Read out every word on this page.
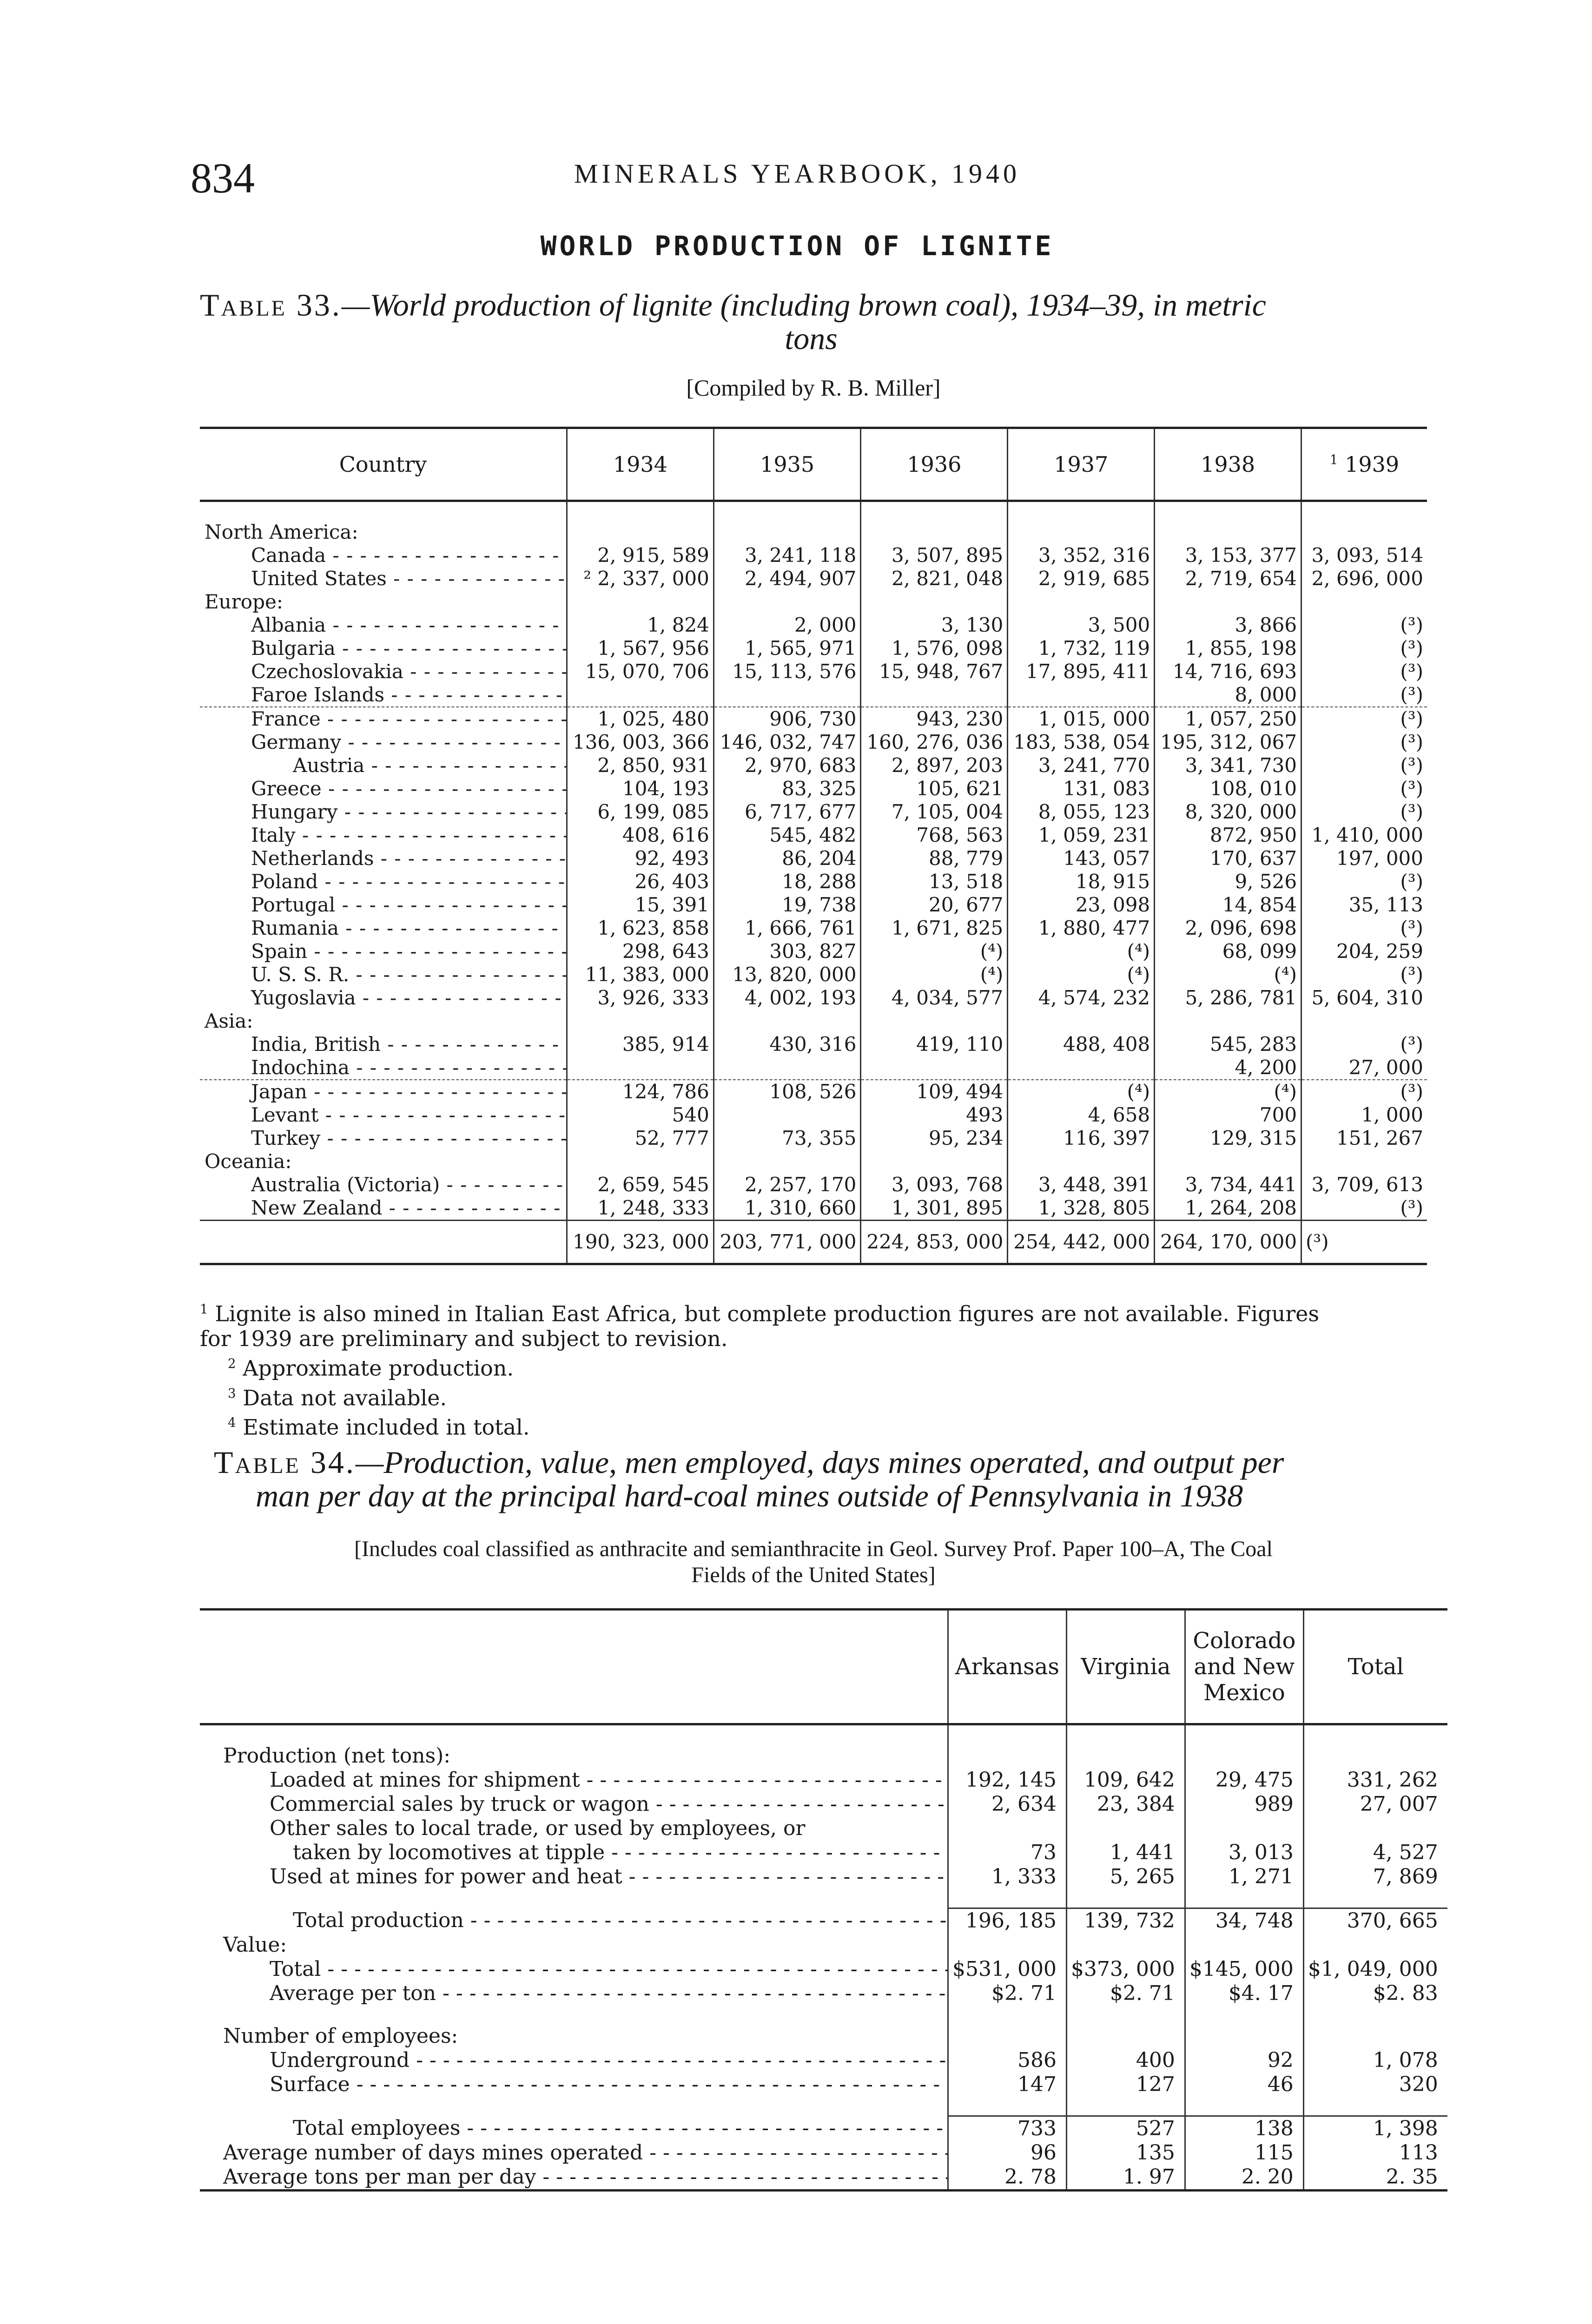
834	MINERALS YEARBOOK, 1940
WORLD PRODUCTION OF LIGNITE
Table 33.—World production of lignite (including brown coal), 1934–39, in metric
tons
[Compiled by R. B. Miller]
Country	1934	1935	1936	1937	1938	$^1$ 1939

North America:						
Canada - - -	2, 915, 589	3, 241, 118	3, 507, 895	3, 352, 316	3, 153, 377	3, 093, 514
United States - - -	² 2, 337, 000	2, 494, 907	2, 821, 048	2, 919, 685	2, 719, 654	2, 696, 000
Europe:						
Albania - - -	1, 824	2, 000	3, 130	3, 500	3, 866	(³)
Bulgaria - - -	1, 567, 956	1, 565, 971	1, 576, 098	1, 732, 119	1, 855, 198	(³)
Czechoslovakia - - -	15, 070, 706	15, 113, 576	15, 948, 767	17, 895, 411	14, 716, 693	(³)
Faroe Islands - - -					8, 000	(³)
France - - -	1, 025, 480	906, 730	943, 230	1, 015, 000	1, 057, 250	(³)
Germany - - -	136, 003, 366	146, 032, 747	160, 276, 036	183, 538, 054	195, 312, 067	(³)
Austria - - -	2, 850, 931	2, 970, 683	2, 897, 203	3, 241, 770	3, 341, 730	(³)
Greece - - -	104, 193	83, 325	105, 621	131, 083	108, 010	(³)
Hungary - - -	6, 199, 085	6, 717, 677	7, 105, 004	8, 055, 123	8, 320, 000	(³)
Italy - - -	408, 616	545, 482	768, 563	1, 059, 231	872, 950	1, 410, 000
Netherlands - - -	92, 493	86, 204	88, 779	143, 057	170, 637	197, 000
Poland - - -	26, 403	18, 288	13, 518	18, 915	9, 526	(³)
Portugal - - -	15, 391	19, 738	20, 677	23, 098	14, 854	35, 113
Rumania - - -	1, 623, 858	1, 666, 761	1, 671, 825	1, 880, 477	2, 096, 698	(³)
Spain - - -	298, 643	303, 827	(⁴)	(⁴)	68, 099	204, 259
U. S. S. R. - - -	11, 383, 000	13, 820, 000	(⁴)	(⁴)	(⁴)	(³)
Yugoslavia - - -	3, 926, 333	4, 002, 193	4, 034, 577	4, 574, 232	5, 286, 781	5, 604, 310
Asia:						
India, British - - -	385, 914	430, 316	419, 110	488, 408	545, 283	(³)
Indochina - - -					4, 200	27, 000
Japan - - -	124, 786	108, 526	109, 494	(⁴)	(⁴)	(³)
Levant - - -	540		493	4, 658	700	1, 000
Turkey - - -	52, 777	73, 355	95, 234	116, 397	129, 315	151, 267
Oceania:						
Australia (Victoria) - - -	2, 659, 545	2, 257, 170	3, 093, 768	3, 448, 391	3, 734, 441	3, 709, 613
New Zealand - - -	1, 248, 333	1, 310, 660	1, 301, 895	1, 328, 805	1, 264, 208	(³)
	190, 323, 000	203, 771, 000	224, 853, 000	254, 442, 000	264, 170, 000	(³)

$^1$ Lignite is also mined in Italian East Africa, but complete production figures are not available. Figures

for 1939 are preliminary and subject to revision.

$^2$ Approximate production.

$^3$ Data not available.

$^4$ Estimate included in total.

Table 34.—Production, value, men employed, days mines operated, and output per
man per day at the principal hard-coal mines outside of Pennsylvania in 1938
[Includes coal classified as anthracite and semianthracite in Geol. Survey Prof. Paper 100–A, The Coal
Fields of the United States]
	Arkansas	Virginia	Colorado and New Mexico	Total

Production (net tons):				
Loaded at mines for shipment - - -	192, 145	109, 642	29, 475	331, 262
Commercial sales by truck or wagon - - -	2, 634	23, 384	989	27, 007
Other sales to local trade, or used by employees, or				
taken by locomotives at tipple - - -	73	1, 441	3, 013	4, 527
Used at mines for power and heat - - -	1, 333	5, 265	1, 271	7, 869

Total production - - -	196, 185	139, 732	34, 748	370, 665
Value:				
Total - - -	$531, 000	$373, 000	$145, 000	$1, 049, 000
Average per ton - - -	$2. 71	$2. 71	$4. 17	$2. 83

Number of employees:				
Underground - - -	586	400	92	1, 078
Surface - - -	147	127	46	320

Total employees - - -	733	527	138	1, 398
Average number of days mines operated - - -	96	135	115	113
Average tons per man per day - - -	2. 78	1. 97	2. 20	2. 35
